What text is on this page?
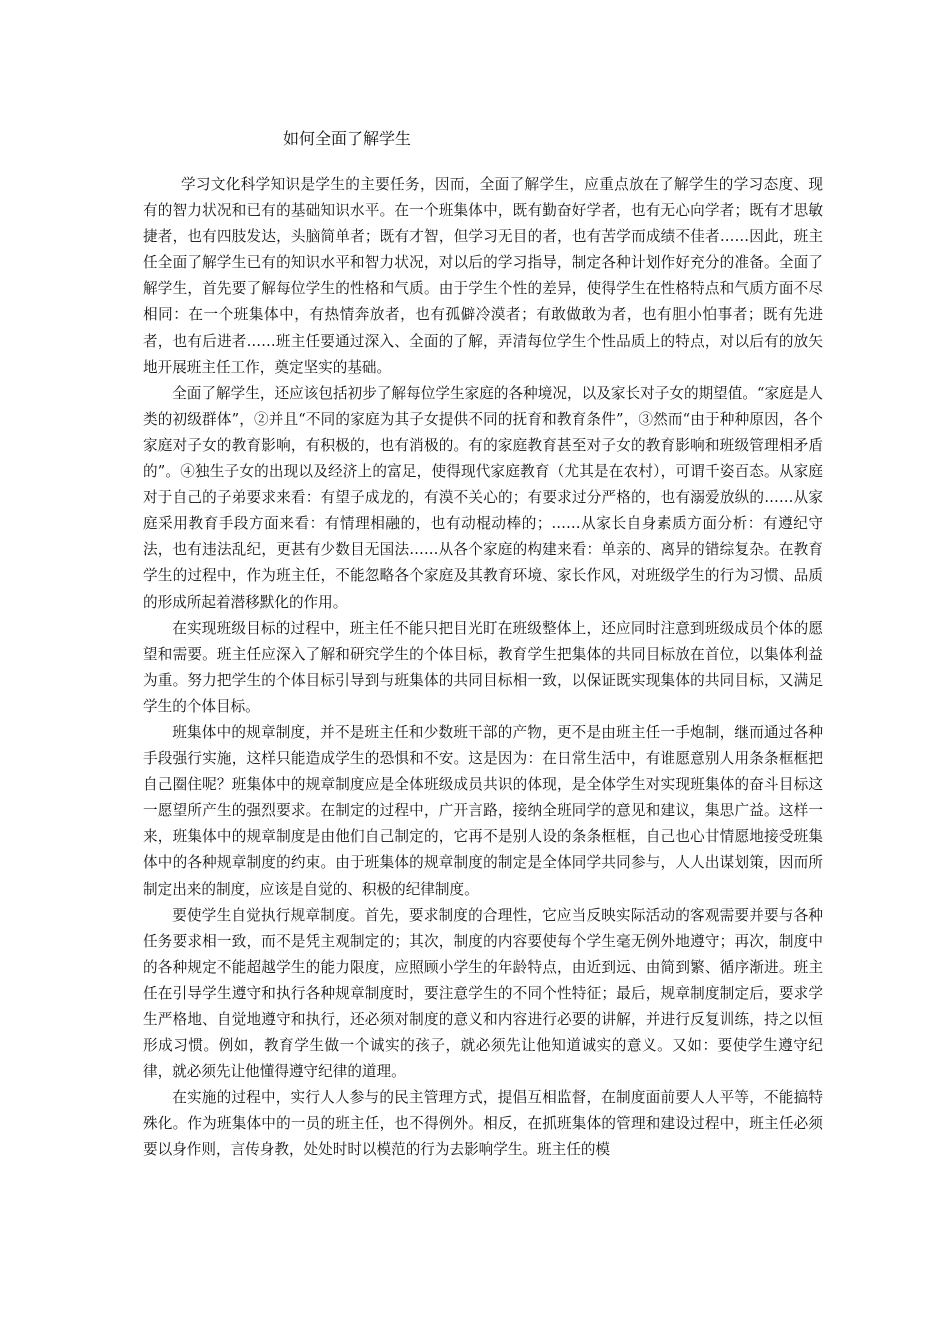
如何全面了解学生

学习文化科学知识是学生的主要任务，因而，全面了解学生，应重点放在了解学生的学习态度、现有的智力状况和已有的基础知识水平。在一个班集体中，既有勤奋好学者，也有无心向学者；既有才思敏捷者，也有四肢发达，头脑简单者；既有才智，但学习无目的者，也有苦学而成绩不佳者……因此，班主任全面了解学生已有的知识水平和智力状况，对以后的学习指导，制定各种计划作好充分的准备。全面了解学生，首先要了解每位学生的性格和气质。由于学生个性的差异，使得学生在性格特点和气质方面不尽相同：在一个班集体中，有热情奔放者，也有孤僻冷漠者；有敢做敢为者，也有胆小怕事者；既有先进者，也有后进者……班主任要通过深入、全面的了解，弄清每位学生个性品质上的特点，对以后有的放矢地开展班主任工作，奠定坚实的基础。

全面了解学生，还应该包括初步了解每位学生家庭的各种境况，以及家长对子女的期望值。“家庭是人类的初级群体”，②并且“不同的家庭为其子女提供不同的抚育和教育条件”，③然而“由于种种原因，各个家庭对子女的教育影响，有积极的，也有消极的。有的家庭教育甚至对子女的教育影响和班级管理相矛盾的”。④独生子女的出现以及经济上的富足，使得现代家庭教育（尤其是在农村），可谓千姿百态。从家庭对于自己的子弟要求来看：有望子成龙的，有漠不关心的；有要求过分严格的，也有溺爱放纵的……从家庭采用教育手段方面来看：有情理相融的，也有动棍动棒的；……从家长自身素质方面分析：有遵纪守法，也有违法乱纪，更甚有少数目无国法……从各个家庭的构建来看：单亲的、离异的错综复杂。在教育学生的过程中，作为班主任，不能忽略各个家庭及其教育环境、家长作风，对班级学生的行为习惯、品质的形成所起着潜移默化的作用。

在实现班级目标的过程中，班主任不能只把目光盯在班级整体上，还应同时注意到班级成员个体的愿望和需要。班主任应深入了解和研究学生的个体目标，教育学生把集体的共同目标放在首位，以集体利益为重。努力把学生的个体目标引导到与班集体的共同目标相一致，以保证既实现集体的共同目标，又满足学生的个体目标。

班集体中的规章制度，并不是班主任和少数班干部的产物，更不是由班主任一手炮制，继而通过各种手段强行实施，这样只能造成学生的恐惧和不安。这是因为：在日常生活中，有谁愿意别人用条条框框把自己圈住呢？班集体中的规章制度应是全体班级成员共识的体现，是全体学生对实现班集体的奋斗目标这一愿望所产生的强烈要求。在制定的过程中，广开言路，接纳全班同学的意见和建议，集思广益。这样一来，班集体中的规章制度是由他们自己制定的，它再不是别人设的条条框框，自己也心甘情愿地接受班集体中的各种规章制度的约束。由于班集体的规章制度的制定是全体同学共同参与，人人出谋划策，因而所制定出来的制度，应该是自觉的、积极的纪律制度。

要使学生自觉执行规章制度。首先，要求制度的合理性，它应当反映实际活动的客观需要并要与各种任务要求相一致，而不是凭主观制定的；其次，制度的内容要使每个学生毫无例外地遵守；再次，制度中的各种规定不能超越学生的能力限度，应照顾小学生的年龄特点，由近到远、由简到繁、循序渐进。班主任在引导学生遵守和执行各种规章制度时，要注意学生的不同个性特征；最后，规章制度制定后，要求学生严格地、自觉地遵守和执行，还必须对制度的意义和内容进行必要的讲解，并进行反复训练，持之以恒形成习惯。例如，教育学生做一个诚实的孩子，就必须先让他知道诚实的意义。又如：要使学生遵守纪律，就必须先让他懂得遵守纪律的道理。

在实施的过程中，实行人人参与的民主管理方式，提倡互相监督，在制度面前要人人平等，不能搞特殊化。作为班集体中的一员的班主任，也不得例外。相反，在抓班集体的管理和建设过程中，班主任必须要以身作则，言传身教，处处时时以模范的行为去影响学生。班主任的模
